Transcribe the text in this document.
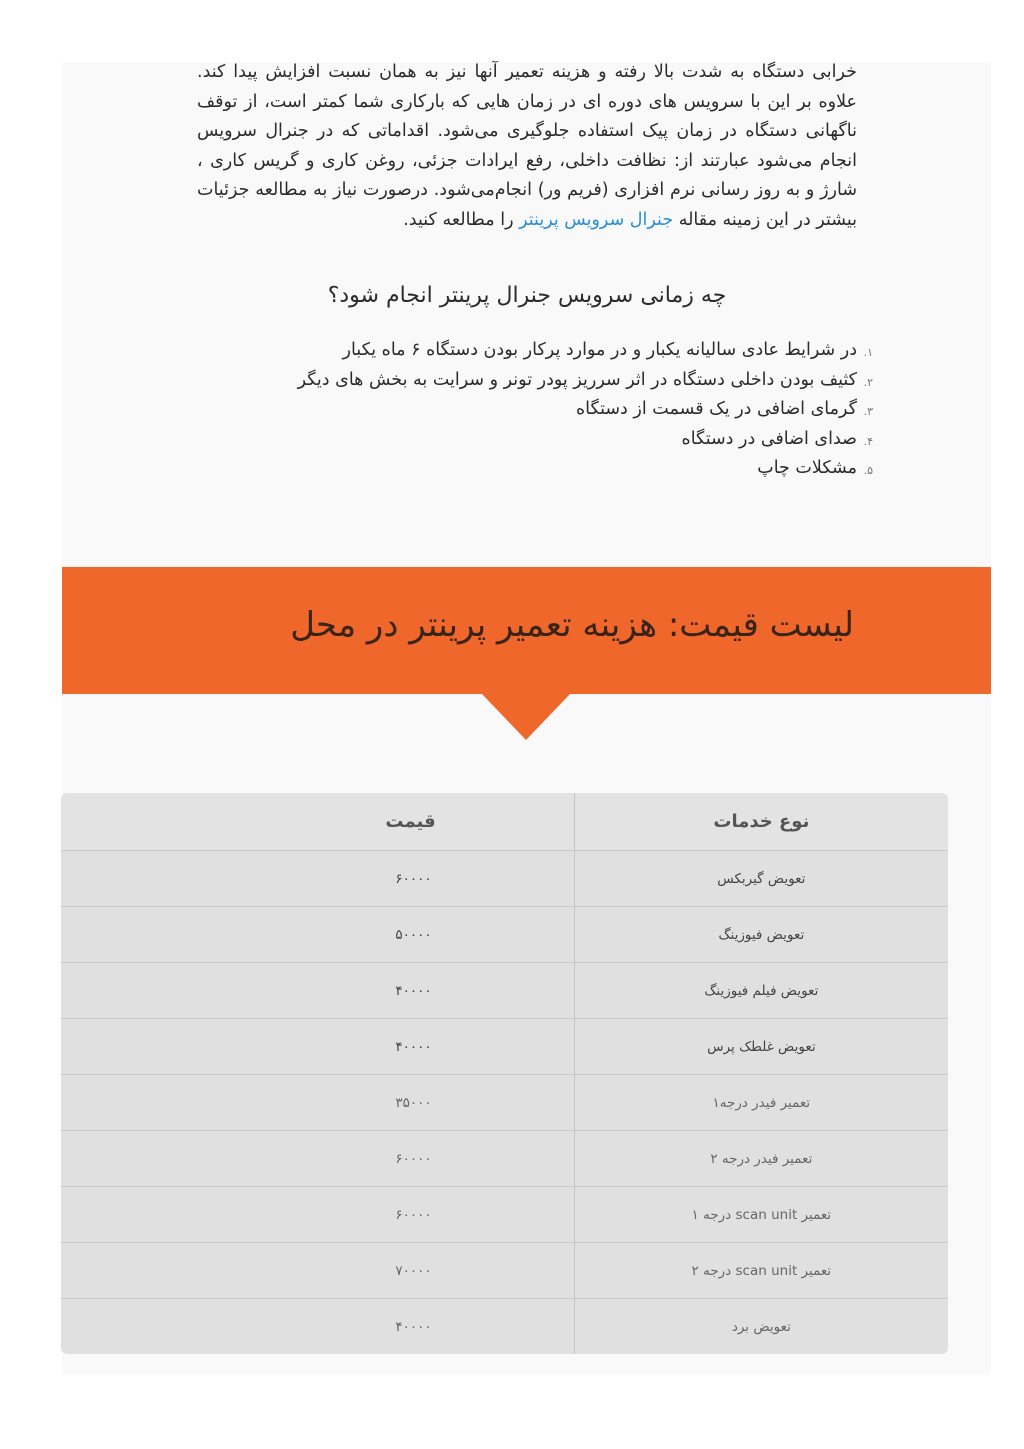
خرابی دستگاه به شدت بالا رفته و هزینه تعمیر آنها نیز به همان نسبت افزایش پیدا کند. علاوه بر این با سرویس های دوره ای در زمان هایی که بارکاری شما کمتر است، از توقف ناگهانی دستگاه در زمان پیک استفاده جلوگیری می‌شود. اقداماتی که در جنرال سرویس انجام می‌شود عبارتند از: نظافت داخلی، رفع ایرادات جزئی، روغن کاری و گریس کاری ، شارژ و به روز رسانی نرم افزاری (فریم ور) انجام‌می‌شود. درصورت نیاز به مطالعه جزئیات بیشتر در این زمینه مقاله جنرال سرویس پرینتر را مطالعه کنید.

چه زمانی سرویس جنرال پرینتر انجام شود؟
۱.
در شرایط عادی سالیانه یکبار و در موارد پرکار بودن دستگاه ۶ ماه یکبار
۲.
کثیف بودن داخلی دستگاه در اثر سرریز پودر تونر و سرایت به بخش های دیگر
۳.
گرمای اضافی در یک قسمت از دستگاه
۴.
صدای اضافی در دستگاه
۵.
مشکلات چاپ
لیست قیمت: هزینه تعمیر پرینتر در محل
نوع خدمات	قیمت
تعویض گیربکس	۶۰۰۰۰
تعویض فیوزینگ	۵۰۰۰۰
تعویض فیلم فیوزینگ	۴۰۰۰۰
تعویض غلطک پرس	۴۰۰۰۰
تعمیر فیدر درجه۱	۳۵۰۰۰
تعمیر فیدر درجه ۲	۶۰۰۰۰
تعمیر scan unit درجه ۱	۶۰۰۰۰
تعمیر scan unit درجه ۲	۷۰۰۰۰
تعویض برد	۴۰۰۰۰
